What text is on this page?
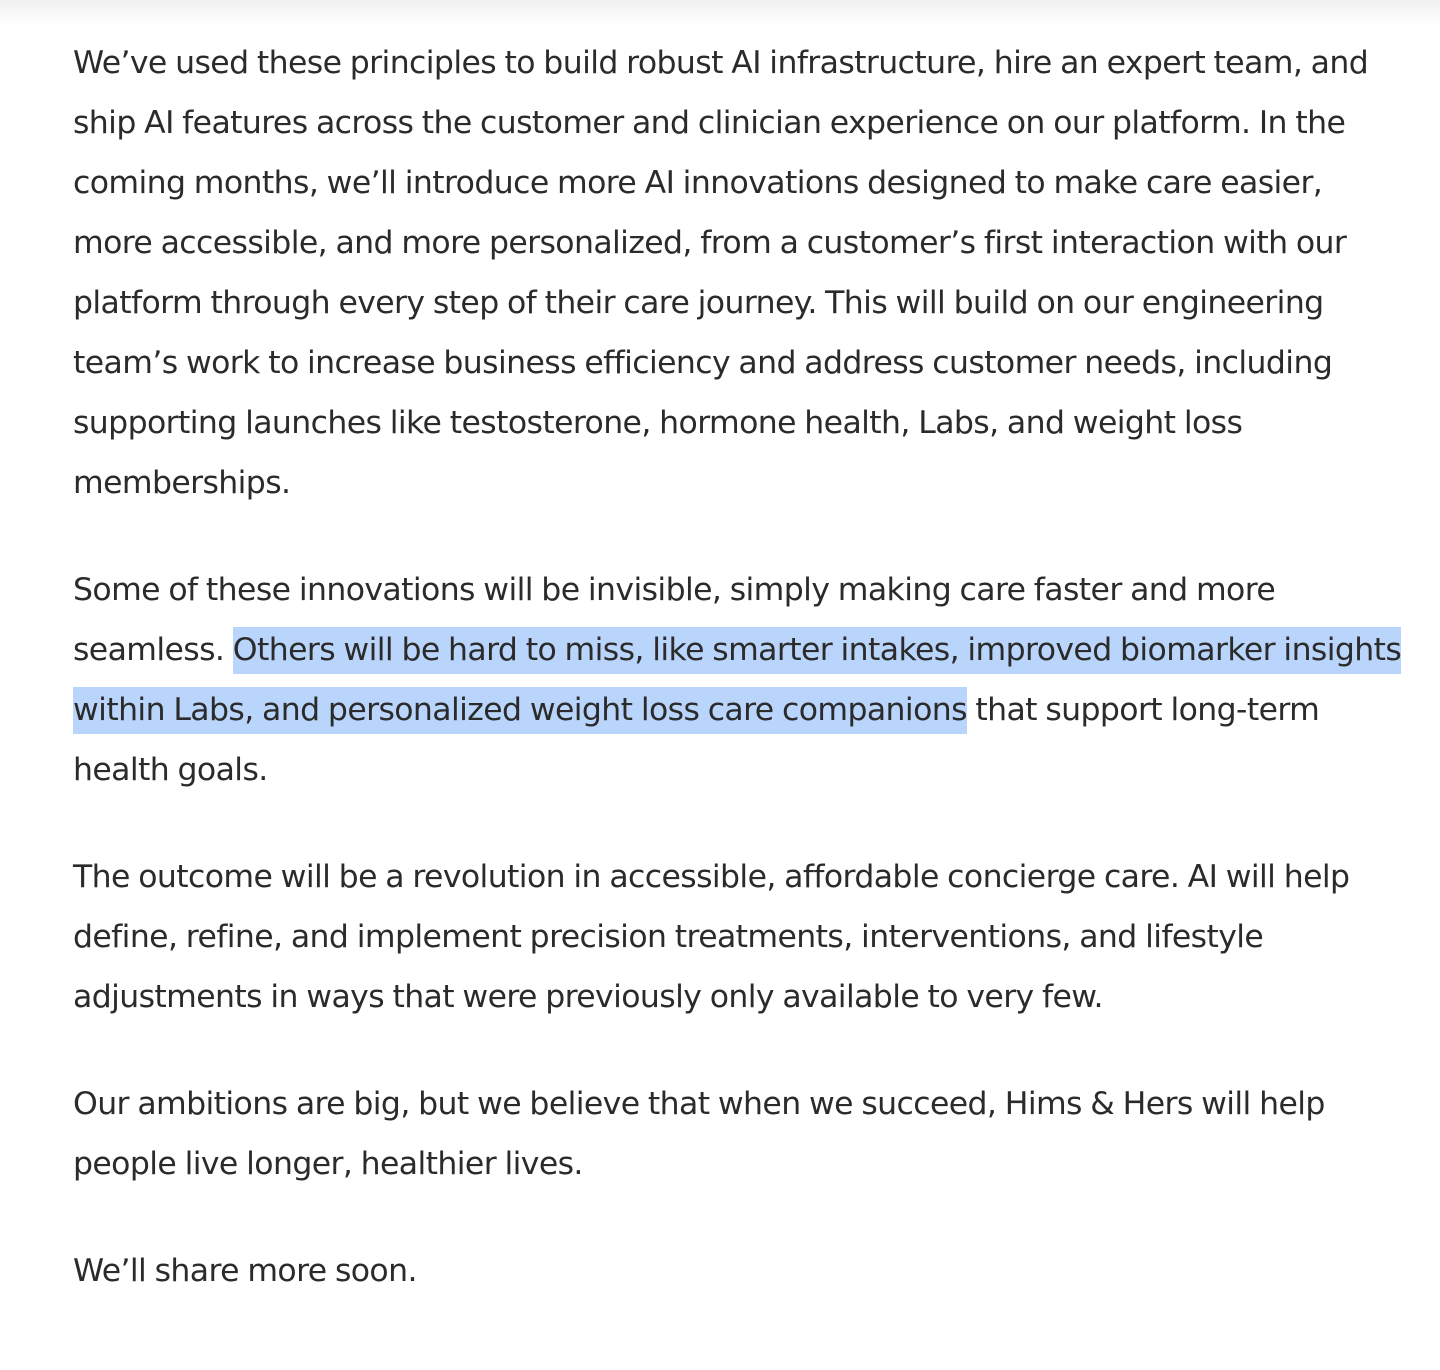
We’ve used these principles to build robust AI infrastructure, hire an expert team, and ship AI features across the customer and clinician experience on our platform. In the coming months, we’ll introduce more AI innovations designed to make care easier, more accessible, and more personalized, from a customer’s first interaction with our platform through every step of their care journey. This will build on our engineering team’s work to increase business efficiency and address customer needs, including supporting launches like testosterone, hormone health, Labs, and weight loss memberships.

Some of these innovations will be invisible, simply making care faster and more seamless. Others will be hard to miss, like smarter intakes, improved biomarker insights within Labs, and personalized weight loss care companions that support long-term health goals.

The outcome will be a revolution in accessible, affordable concierge care. AI will help define, refine, and implement precision treatments, interventions, and lifestyle adjustments in ways that were previously only available to very few.

Our ambitions are big, but we believe that when we succeed, Hims & Hers will help people live longer, healthier lives.

We’ll share more soon.
